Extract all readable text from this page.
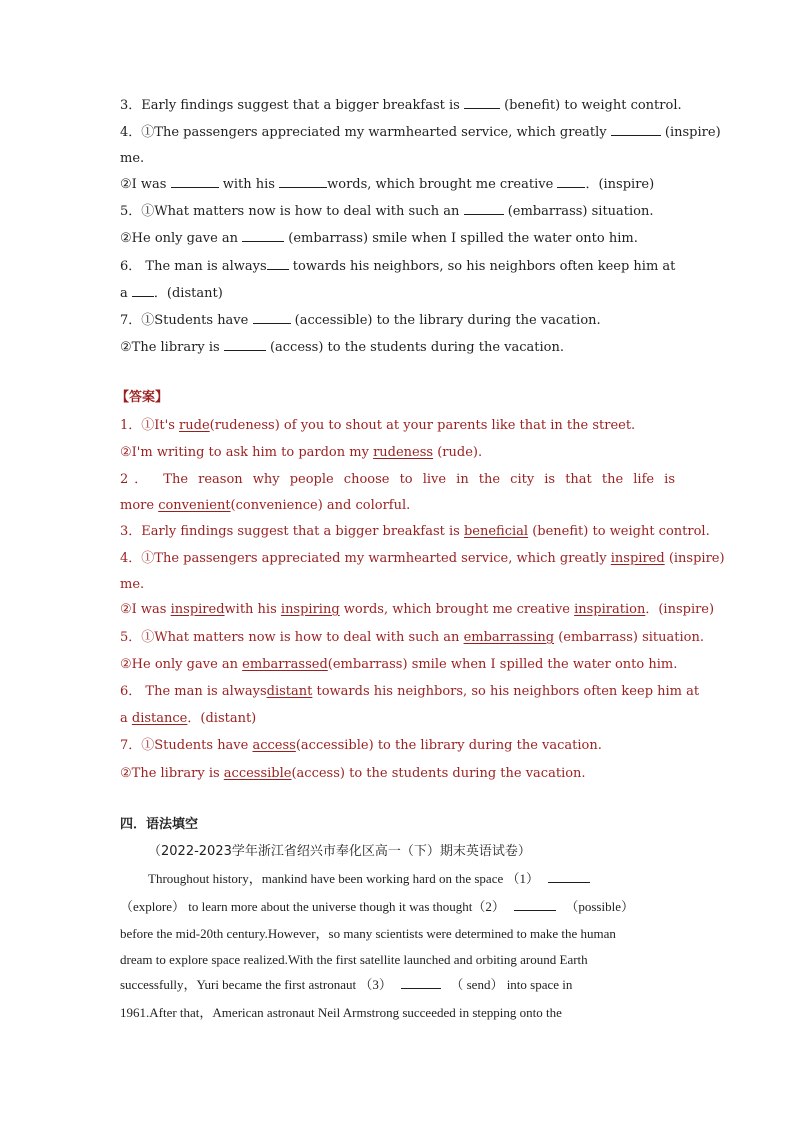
3．Early findings suggest that a bigger breakfast is	(benefit) to weight control.
4．①The passengers appreciated my warmhearted service, which greatly	(inspire)
me.
②I was	with his	words, which brought me creative ．(inspire)
5．①What matters now is how to deal with such an	(embarrass) situation.
②He only gave an	(embarrass) smile when I spilled the water onto him.
6． The man is always towards his neighbors, so his neighbors often keep him at
a ．(distant)
7．①Students have	(accessible) to the library during the vacation.
②The library is	(access) to the students during the vacation.
【答案】
1．①It's rude(rudeness) of you to shout at your parents like that in the street.
②I'm writing to ask him to pardon my rudeness (rude).
2． The reason why people choose to live in the city is that the life is
more convenient(convenience) and colorful.
3．Early findings suggest that a bigger breakfast is beneficial (benefit) to weight control.
4．①The passengers appreciated my warmhearted service, which greatly inspired (inspire)
me.
②I was inspiredwith his inspiring words, which brought me creative inspiration．(inspire)
5．①What matters now is how to deal with such an embarrassing (embarrass) situation.
②He only gave an embarrassed(embarrass) smile when I spilled the water onto him.
6． The man is alwaysdistant towards his neighbors, so his neighbors often keep him at
a distance．(distant)
7．①Students have access(accessible) to the library during the vacation.
②The library is accessible(access) to the students during the vacation.
四．语法填空
（2022-2023学年浙江省绍兴市奉化区高一（下）期末英语试卷）
Throughout history，mankind have been working hard on the space （1）
（explore） to learn more about the universe though it was thought（2）	（possible）
before the mid-20th century.However，so many scientists were determined to make the human
dream to explore space realized.With the first satellite launched and orbiting around Earth
successfully，Yuri became the first astronaut （3）	（ send） into space in
1961.After that，American astronaut Neil Armstrong succeeded in stepping onto the
